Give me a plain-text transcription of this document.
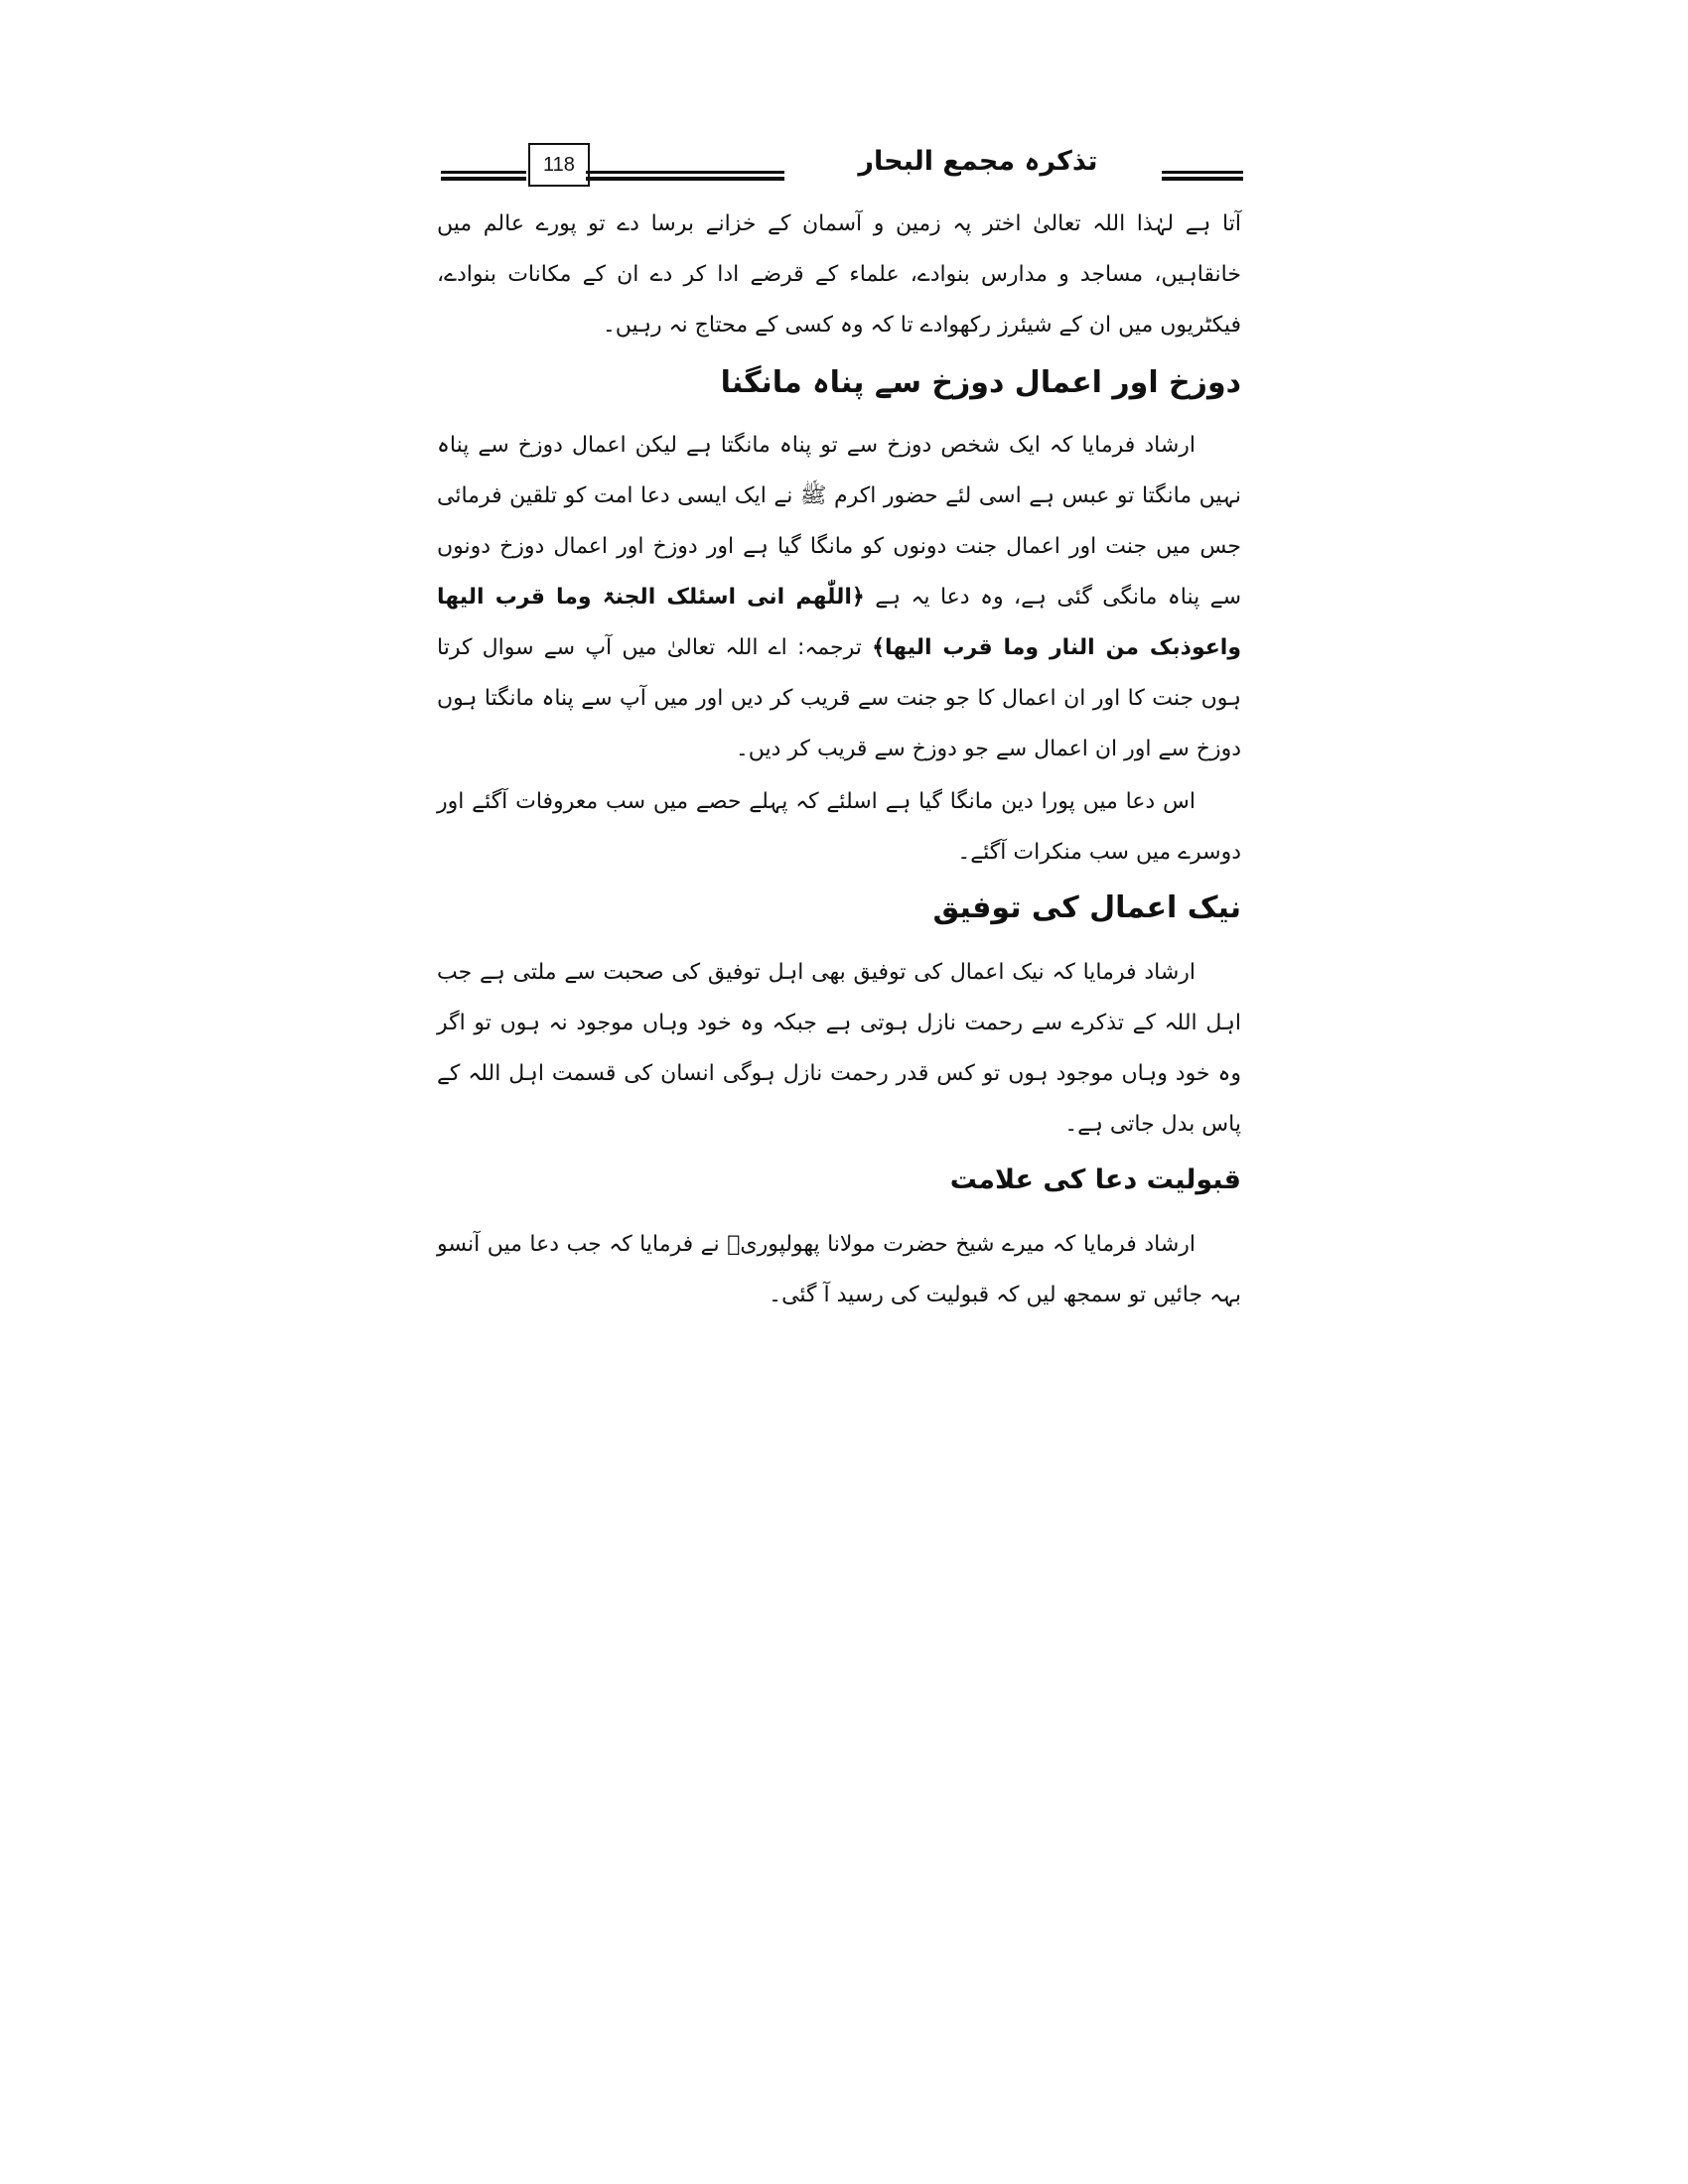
118	تذکرہ مجمع البحار

آتا ہے لہٰذا اللہ تعالیٰ اختر پہ زمین و آسمان کے خزانے برسا دے تو پورے عالم میں خانقاہیں، مساجد و مدارس بنوادے، علماء کے قرضے ادا کر دے ان کے مکانات بنوادے، فیکٹریوں میں ان کے شیئرز رکھوادے تا کہ وہ کسی کے محتاج نہ رہیں۔

دوزخ اور اعمال دوزخ سے پناہ مانگنا

ارشاد فرمایا کہ ایک شخص دوزخ سے تو پناہ مانگتا ہے لیکن اعمال دوزخ سے پناہ نہیں مانگتا تو عبس ہے اسی لئے حضور اکرم ﷺ نے ایک ایسی دعا امت کو تلقین فرمائی جس میں جنت اور اعمال جنت دونوں کو مانگا گیا ہے اور دوزخ اور اعمال دوزخ دونوں سے پناہ مانگی گئی ہے، وہ دعا یہ ہے ﴿اللّٰھم انی اسئلک الجنۃ وما قرب الیھا واعوذبک من النار وما قرب الیھا﴾ ترجمہ: اے اللہ تعالیٰ میں آپ سے سوال کرتا ہوں جنت کا اور ان اعمال کا جو جنت سے قریب کر دیں اور میں آپ سے پناہ مانگتا ہوں دوزخ سے اور ان اعمال سے جو دوزخ سے قریب کر دیں۔

اس دعا میں پورا دین مانگا گیا ہے اسلئے کہ پہلے حصے میں سب معروفات آگئے اور دوسرے میں سب منکرات آگئے۔

نیک اعمال کی توفیق

ارشاد فرمایا کہ نیک اعمال کی توفیق بھی اہل توفیق کی صحبت سے ملتی ہے جب اہل اللہ کے تذکرے سے رحمت نازل ہوتی ہے جبکہ وہ خود وہاں موجود نہ ہوں تو اگر وہ خود وہاں موجود ہوں تو کس قدر رحمت نازل ہوگی انسان کی قسمت اہل اللہ کے پاس بدل جاتی ہے۔

قبولیت دعا کی علامت

ارشاد فرمایا کہ میرے شیخ حضرت مولانا پھولپوریؒ نے فرمایا کہ جب دعا میں آنسو بہہ جائیں تو سمجھ لیں کہ قبولیت کی رسید آ گئی۔
